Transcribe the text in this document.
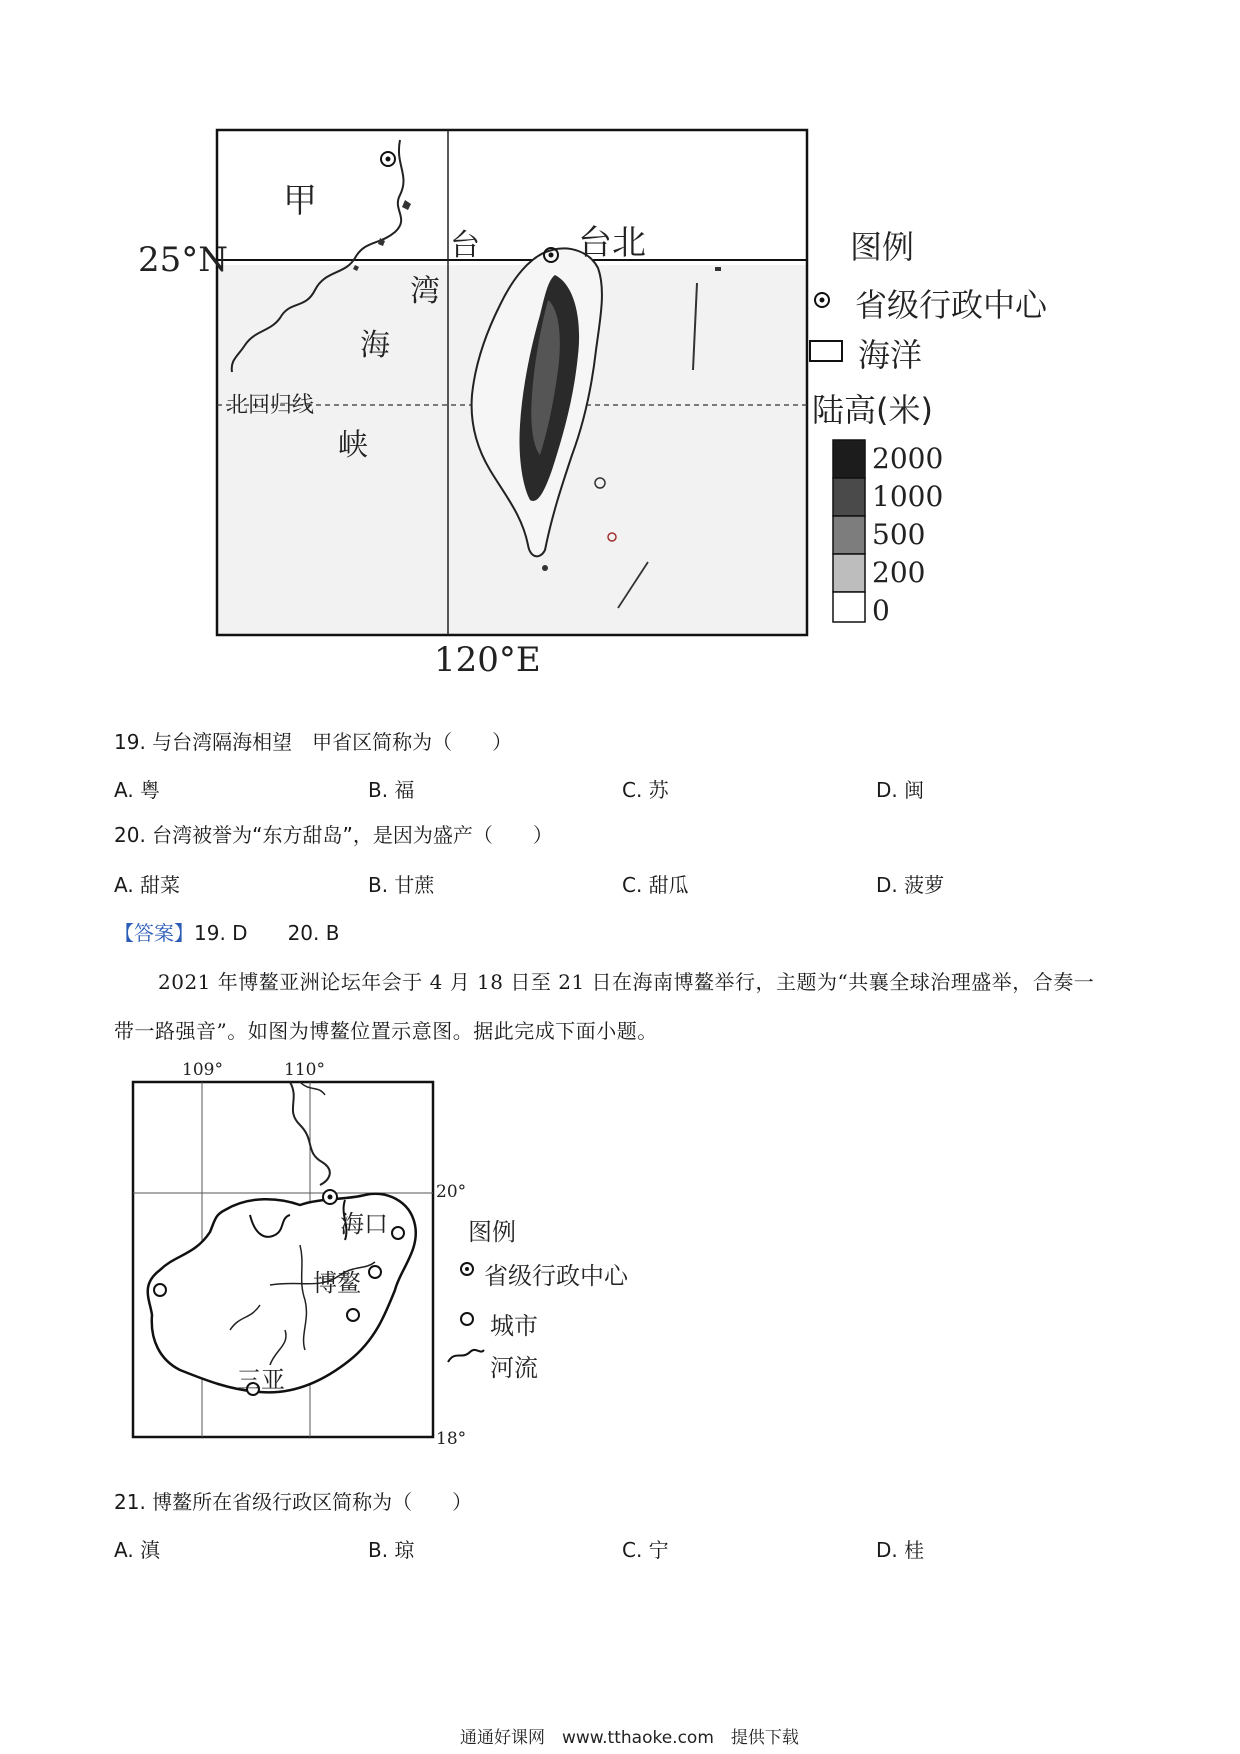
甲
台	台北
湾
海
峡
北回归线
25°N
120°E
图例
省级行政中心
海洋
陆高(米)
2000
1000
500
200
0
19. 与台湾隔海相望　甲省区简称为（　　）
A. 粤	B. 福	C. 苏	D. 闽
20. 台湾被誉为“东方甜岛”，是因为盛产（　　）
A. 甜菜	B. 甘蔗	C. 甜瓜	D. 菠萝
【答案】19. D　　20. B
2021 年博鳌亚洲论坛年会于 4 月 18 日至 21 日在海南博鳌举行，主题为“共襄全球治理盛举，合奏一
带一路强音”。如图为博鳌位置示意图。据此完成下面小题。
109°	110°
20°
18°
海口
博鳌
三亚
图例
省级行政中心
城市
河流
21. 博鳌所在省级行政区简称为（　　）
A. 滇	B. 琼	C. 宁	D. 桂
通通好课网　www.tthaoke.com　提供下载
